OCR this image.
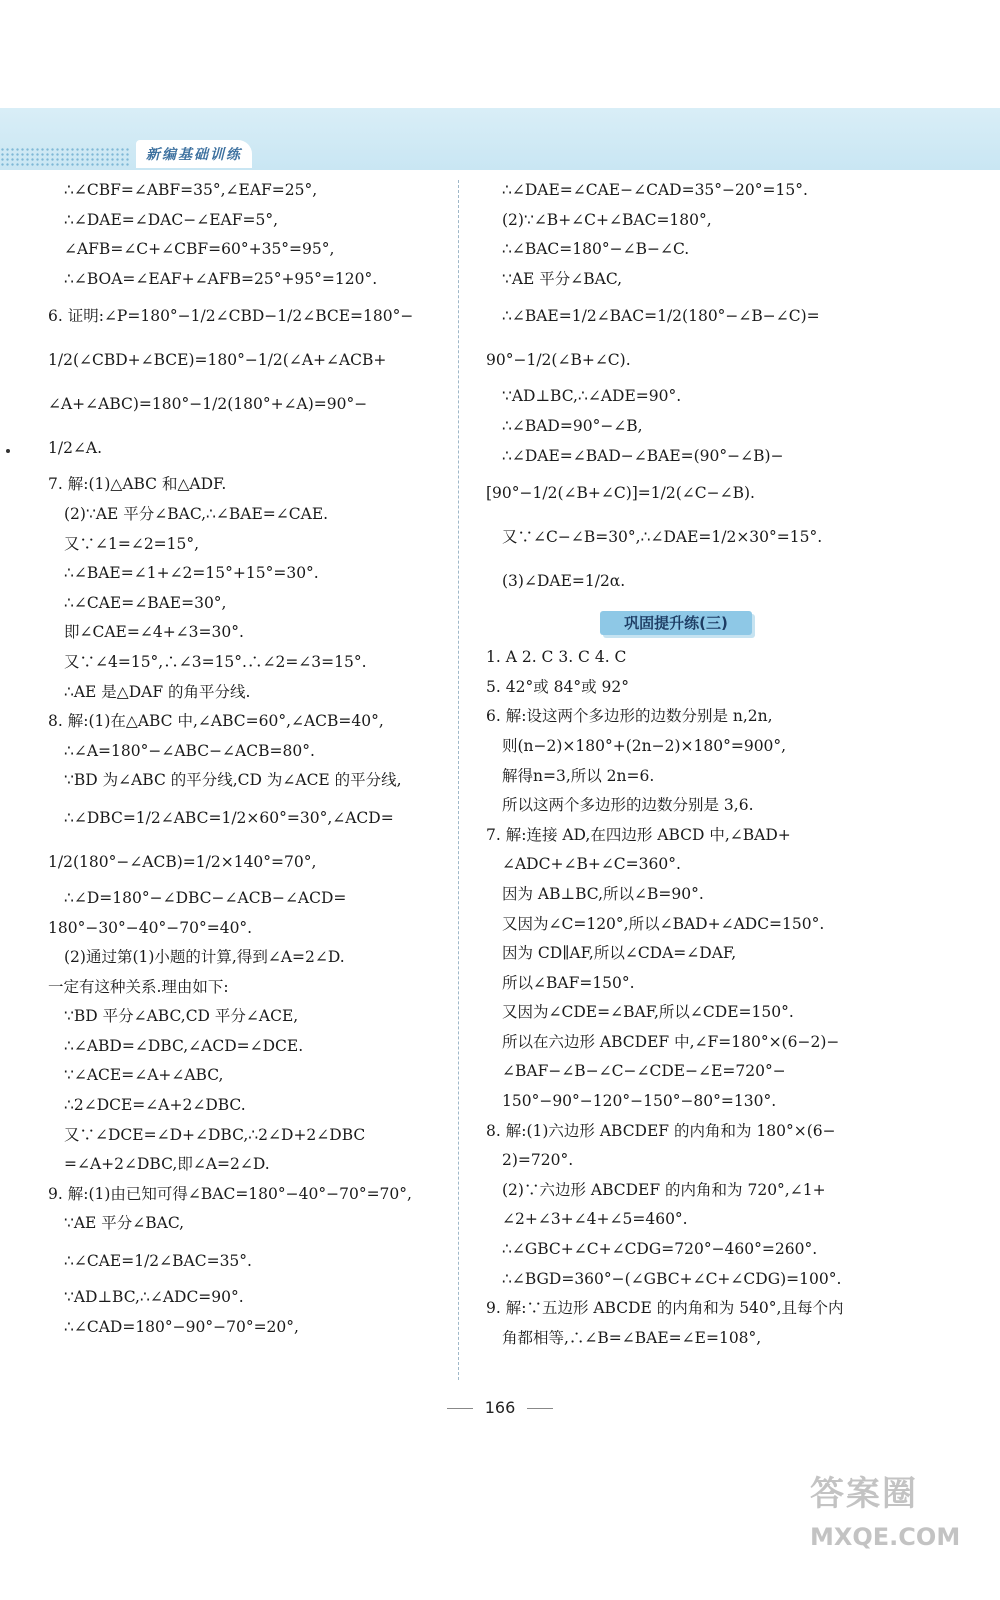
新编基础训练
∴∠CBF=∠ABF=35°,∠EAF=25°,
∴∠DAE=∠DAC−∠EAF=5°,
∠AFB=∠C+∠CBF=60°+35°=95°,
∴∠BOA=∠EAF+∠AFB=25°+95°=120°.
6. 证明:∠P=180°−1/2∠CBD−1/2∠BCE=180°−
1/2(∠CBD+∠BCE)=180°−1/2(∠A+∠ACB+
∠A+∠ABC)=180°−1/2(180°+∠A)=90°−
1/2∠A.
7. 解:(1)△ABC 和△ADF.
(2)∵AE 平分∠BAC,∴∠BAE=∠CAE.
又∵∠1=∠2=15°,
∴∠BAE=∠1+∠2=15°+15°=30°.
∴∠CAE=∠BAE=30°,
即∠CAE=∠4+∠3=30°.
又∵∠4=15°,∴∠3=15°.∴∠2=∠3=15°.
∴AE 是△DAF 的角平分线.
8. 解:(1)在△ABC 中,∠ABC=60°,∠ACB=40°,
∴∠A=180°−∠ABC−∠ACB=80°.
∵BD 为∠ABC 的平分线,CD 为∠ACE 的平分线,
∴∠DBC=1/2∠ABC=1/2×60°=30°,∠ACD=
1/2(180°−∠ACB)=1/2×140°=70°,
∴∠D=180°−∠DBC−∠ACB−∠ACD=
180°−30°−40°−70°=40°.
(2)通过第(1)小题的计算,得到∠A=2∠D.
一定有这种关系.理由如下:
∵BD 平分∠ABC,CD 平分∠ACE,
∴∠ABD=∠DBC,∠ACD=∠DCE.
∵∠ACE=∠A+∠ABC,
∴2∠DCE=∠A+2∠DBC.
又∵∠DCE=∠D+∠DBC,∴2∠D+2∠DBC
=∠A+2∠DBC,即∠A=2∠D.
9. 解:(1)由已知可得∠BAC=180°−40°−70°=70°,
∵AE 平分∠BAC,
∴∠CAE=1/2∠BAC=35°.
∵AD⊥BC,∴∠ADC=90°.
∴∠CAD=180°−90°−70°=20°,
∴∠DAE=∠CAE−∠CAD=35°−20°=15°.
(2)∵∠B+∠C+∠BAC=180°,
∴∠BAC=180°−∠B−∠C.
∵AE 平分∠BAC,
∴∠BAE=1/2∠BAC=1/2(180°−∠B−∠C)=
90°−1/2(∠B+∠C).
∵AD⊥BC,∴∠ADE=90°.
∴∠BAD=90°−∠B,
∴∠DAE=∠BAD−∠BAE=(90°−∠B)−
[90°−1/2(∠B+∠C)]=1/2(∠C−∠B).
又∵∠C−∠B=30°,∴∠DAE=1/2×30°=15°.
(3)∠DAE=1/2α.
巩固提升练(三)
1. A 2. C 3. C 4. C
5. 42°或 84°或 92°
6. 解:设这两个多边形的边数分别是 n,2n,
则(n−2)×180°+(2n−2)×180°=900°,
解得n=3,所以 2n=6.
所以这两个多边形的边数分别是 3,6.
7. 解:连接 AD,在四边形 ABCD 中,∠BAD+
∠ADC+∠B+∠C=360°.
因为 AB⊥BC,所以∠B=90°.
又因为∠C=120°,所以∠BAD+∠ADC=150°.
因为 CD∥AF,所以∠CDA=∠DAF,
所以∠BAF=150°.
又因为∠CDE=∠BAF,所以∠CDE=150°.
所以在六边形 ABCDEF 中,∠F=180°×(6−2)−
∠BAF−∠B−∠C−∠CDE−∠E=720°−
150°−90°−120°−150°−80°=130°.
8. 解:(1)六边形 ABCDEF 的内角和为 180°×(6−
2)=720°.
(2)∵六边形 ABCDEF 的内角和为 720°,∠1+
∠2+∠3+∠4+∠5=460°.
∴∠GBC+∠C+∠CDG=720°−460°=260°.
∴∠BGD=360°−(∠GBC+∠C+∠CDG)=100°.
9. 解:∵五边形 ABCDE 的内角和为 540°,且每个内
角都相等,∴∠B=∠BAE=∠E=108°,
166
答案圈
MXQE.COM
